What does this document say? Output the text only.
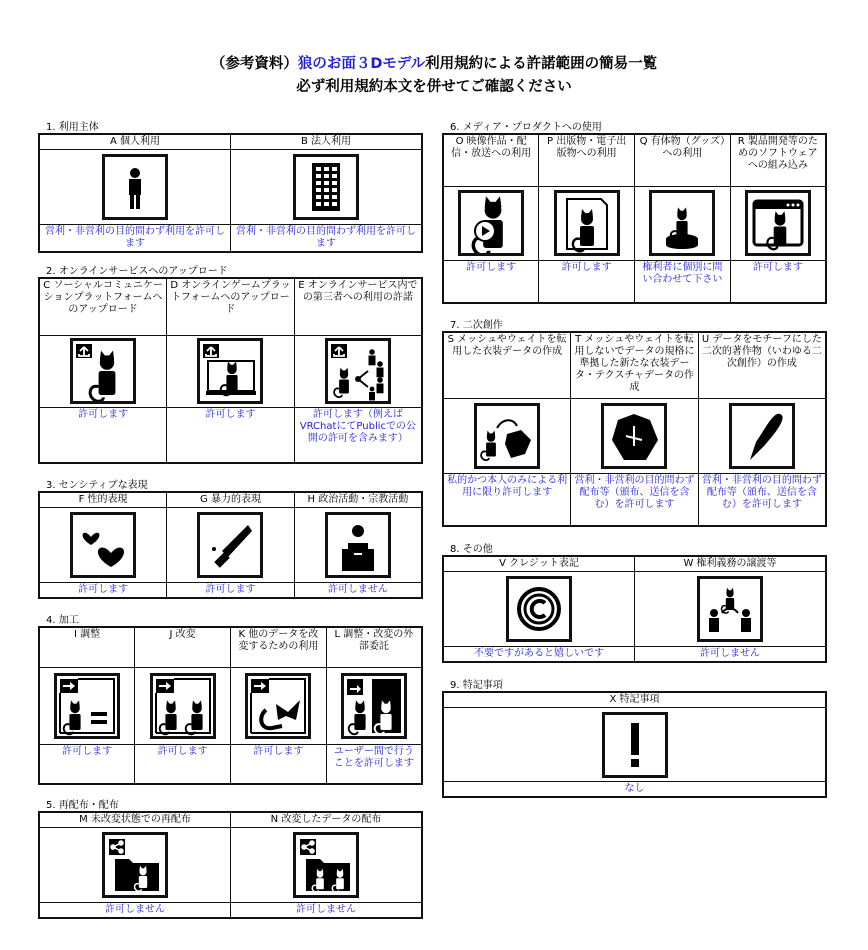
（参考資料）狼のお面３Dモデル利用規約による許諾範囲の簡易一覧
必ず利用規約本文を併せてご確認ください
1. 利用主体
A 個人利用	B 法人利用

営利・非営利の目的問わず利用を許可します	営利・非営利の目的問わず利用を許可します
2. オンラインサービスへのアップロード
C ソーシャルコミュニケーションプラットフォームへのアップロード	D オンラインゲームプラットフォームへのアップロード	E オンラインサービス内での第三者への利用の許諾

許可します	許可します	許可します（例えばVRChatにてPublicでの公開の許可を含みます）
3. センシティブな表現
F 性的表現	G 暴力的表現	H 政治活動・宗教活動

許可します	許可します	許可しません
4. 加工
I 調整	J 改変	K 他のデータを改変するための利用	L 調整・改変の外部委託

許可します	許可します	許可します	ユーザー間で行うことを許可します
5. 再配布・配布
M 未改変状態での再配布	N 改変したデータの配布

許可しません	許可しません
6. メディア・プロダクトへの使用
O 映像作品・配信・放送への利用	P 出版物・電子出版物への利用	Q 有体物（グッズ）への利用	R 製品開発等のためのソフトウェアへの組み込み

許可します	許可します	権利者に個別に問い合わせて下さい	許可します
7. 二次創作
S メッシュやウェイトを転用した衣装データの作成	T メッシュやウェイトを転用しないでデータの規格に準拠した新たな衣装データ・テクスチャデータの作成	U データをモチーフにした二次的著作物（いわゆる二次創作）の作成

私的かつ本人のみによる利用に限り許可します	営利・非営利の目的問わず配布等（頒布、送信を含む）を許可します	営利・非営利の目的問わず配布等（頒布、送信を含む）を許可します
8. その他
V クレジット表記	W 権利義務の譲渡等

不要ですがあると嬉しいです	許可しません
9. 特記事項
X 特記事項

なし
